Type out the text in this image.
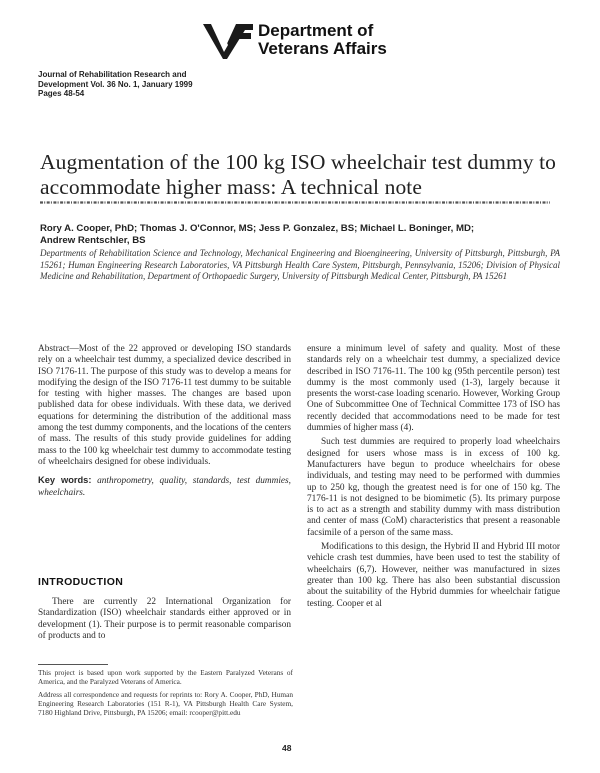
Department of
Veterans Affairs
Journal of Rehabilitation Research and
Development Vol. 36 No. 1, January 1999
Pages 48-54
Augmentation of the 100 kg ISO wheelchair test dummy to
accommodate higher mass: A technical note
Rory A. Cooper, PhD; Thomas J. O'Connor, MS; Jess P. Gonzalez, BS; Michael L. Boninger, MD;
Andrew Rentschler, BS
Departments of Rehabilitation Science and Technology, Mechanical Engineering and Bioengineering, University of Pittsburgh, Pittsburgh, PA 15261; Human Engineering Research Laboratories, VA Pittsburgh Health Care System, Pittsburgh, Pennsylvania, 15206; Division of Physical Medicine and Rehabilitation, Department of Orthopaedic Surgery, University of Pittsburgh Medical Center, Pittsburgh, PA 15261

Abstract—Most of the 22 approved or developing ISO standards rely on a wheelchair test dummy, a specialized device described in ISO 7176-11. The purpose of this study was to develop a means for modifying the design of the ISO 7176-11 test dummy to be suitable for testing with higher masses. The changes are based upon published data for obese individuals. With these data, we derived equations for determining the distribution of the additional mass among the test dummy components, and the locations of the centers of mass. The results of this study provide guidelines for adding mass to the 100 kg wheelchair test dummy to accommodate testing of wheelchairs designed for obese individuals.

Key words: anthropometry, quality, standards, test dummies, wheelchairs.

INTRODUCTION

There are currently 22 International Organization for Standardization (ISO) wheelchair standards either approved or in development (1). Their purpose is to permit reasonable comparison of products and to

This project is based upon work supported by the Eastern Paralyzed Veterans of America, and the Paralyzed Veterans of America.
Address all correspondence and requests for reprints to: Rory A. Cooper, PhD, Human Engineering Research Laboratories (151 R-1), VA Pittsburgh Health Care System, 7180 Highland Drive, Pittsburgh, PA 15206; email: rcooper@pitt.edu

ensure a minimum level of safety and quality. Most of these standards rely on a wheelchair test dummy, a specialized device described in ISO 7176-11. The 100 kg (95th percentile person) test dummy is the most commonly used (1-3), largely because it presents the worst-case loading scenario. However, Working Group One of Subcommittee One of Technical Committee 173 of ISO has recently decided that accommodations need to be made for test dummies of higher mass (4).

Such test dummies are required to properly load wheelchairs designed for users whose mass is in excess of 100 kg. Manufacturers have begun to produce wheelchairs for obese individuals, and testing may need to be performed with dummies up to 250 kg, though the greatest need is for one of 150 kg. The 7176-11 is not designed to be biomimetic (5). Its primary purpose is to act as a strength and stability dummy with mass distribution and center of mass (CoM) characteristics that present a reasonable facsimile of a person of the same mass.

Modifications to this design, the Hybrid II and Hybrid III motor vehicle crash test dummies, have been used to test the stability of wheelchairs (6,7). However, neither was manufactured in sizes greater than 100 kg. There has also been substantial discussion about the suitability of the Hybrid dummies for wheelchair fatigue testing. Cooper et al

48
